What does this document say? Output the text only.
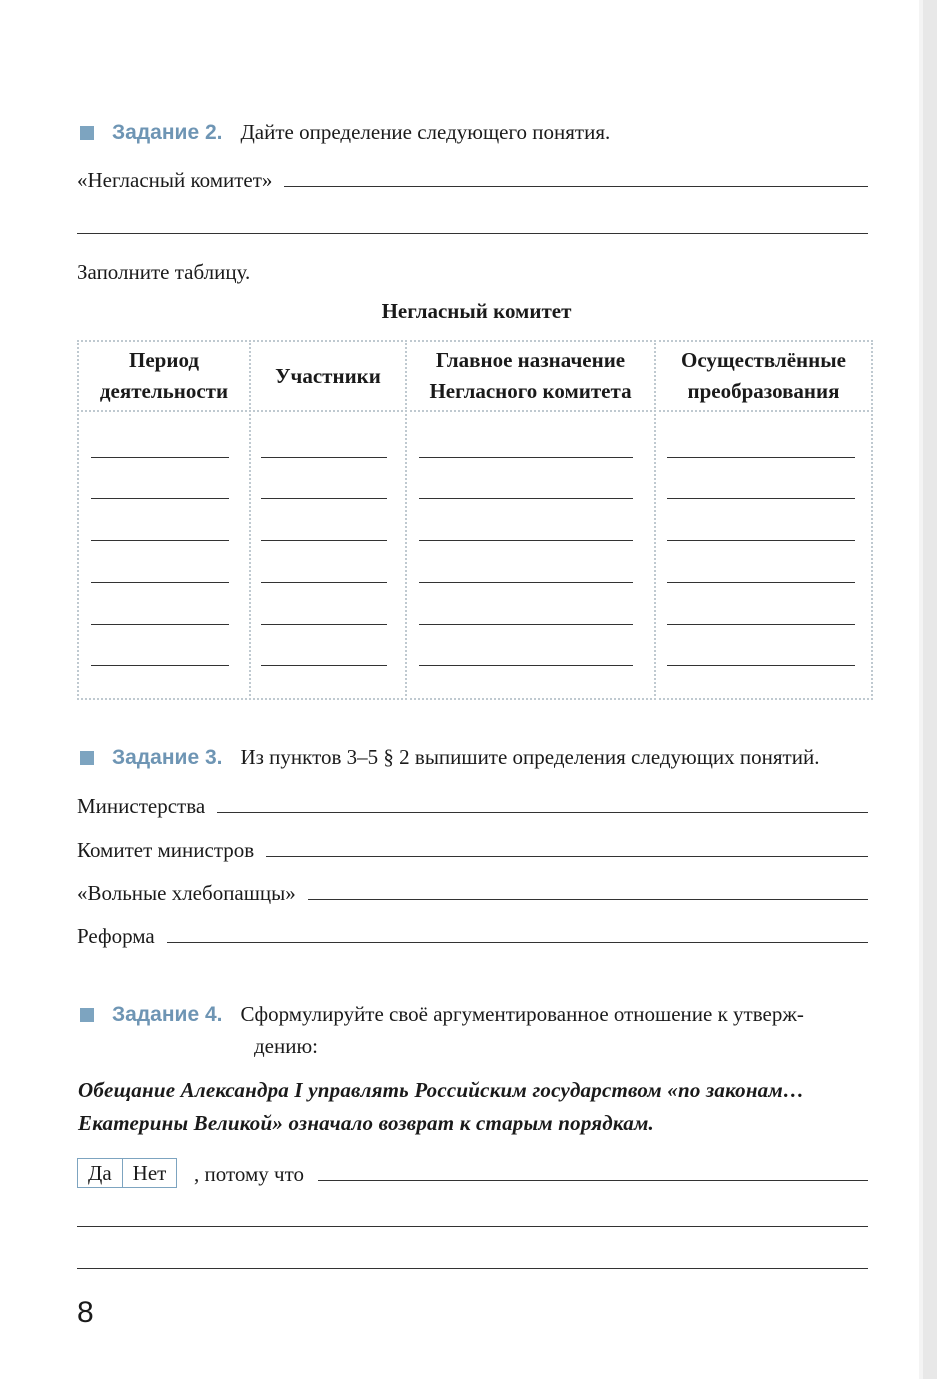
Задание 2. Дайте определение следующего понятия.
«Негласный комитет»
Заполните таблицу.
Негласный комитет
Период
деятельности
Участники
Главное назначение
Негласного комитета
Осуществлённые
преобразования
Задание 3. Из пунктов 3–5 § 2 выпишите определения следующих понятий.
Министерства
Комитет министров
«Вольные хлебопашцы»
Реформа
Задание 4. Сформулируйте своё аргументированное отношение к утверж-
дению:
Обещание Александра I управлять Российским государством «по законам…
Екатерины Великой» означало возврат к старым порядкам.
Да	Нет	, потому что
8
